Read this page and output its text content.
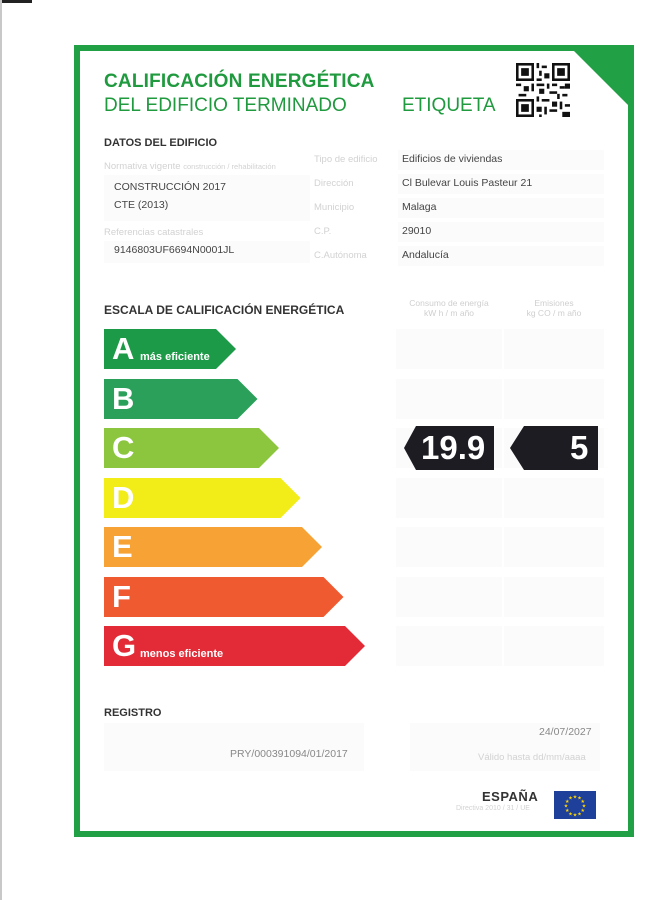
CALIFICACIÓN ENERGÉTICA
DEL EDIFICIO TERMINADO	ETIQUETA
DATOS DEL EDIFICIO
Normativa vigente construcción / rehabilitación
CONSTRUCCIÓN 2017
CTE (2013)
Referencias catastrales
9146803UF6694N0001JL
Tipo de edificio Edificios de viviendas
Dirección	Cl Bulevar Louis Pasteur 21
Municipio	Malaga
C.P.	29010
C.Autónoma	Andalucía
ESCALA DE CALIFICACIÓN ENERGÉTICA	Consumo de energía
kW h / m año
Emisiones
kg CO / m año
A más eficiente
B
C
D
E
F
G menos eficiente
19.9	5
REGISTRO
PRY/000391094/01/2017
24/07/2027
Válido hasta dd/mm/aaaa
ESPAÑA
Directiva 2010 / 31 / UE
★ ★
★
★
★
★
★
★
★
★
★
★
